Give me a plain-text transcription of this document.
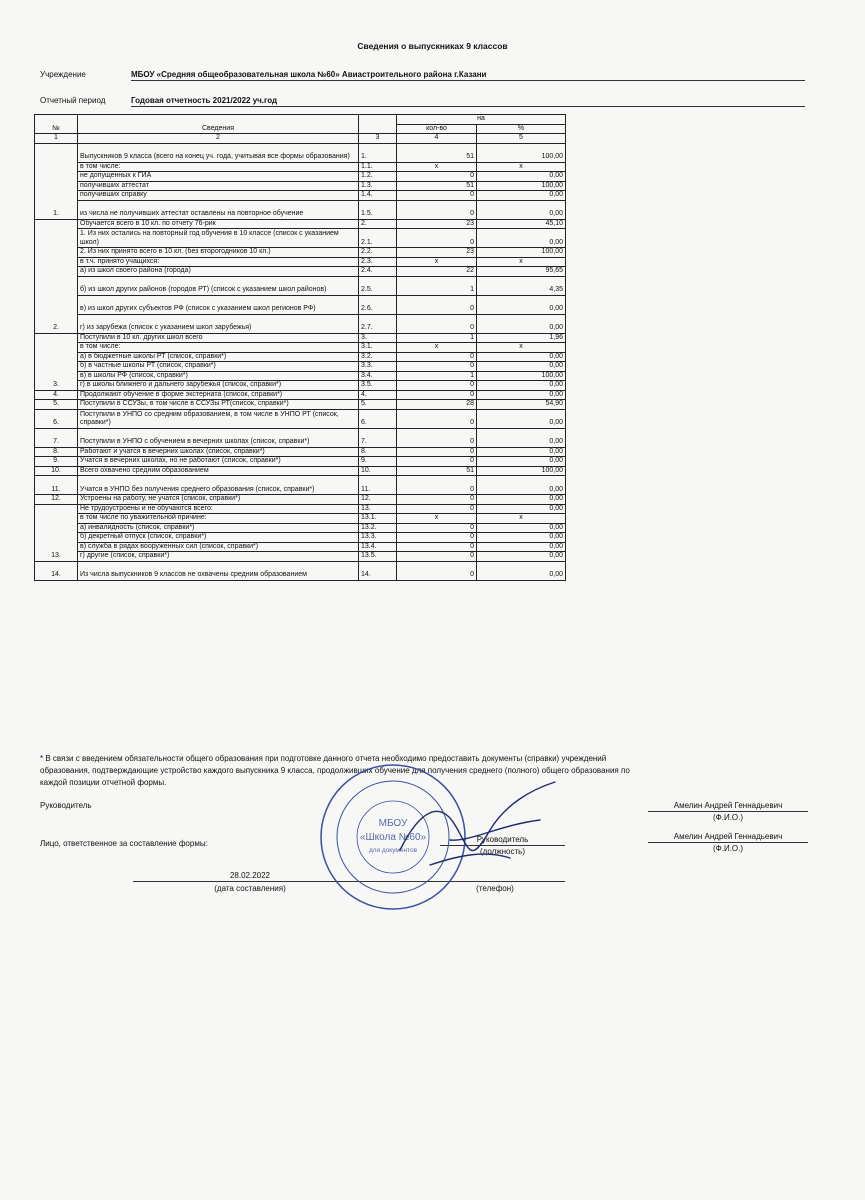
Сведения о выпускниках 9 классов
Учреждение	МБОУ «Средняя общеобразовательная школа №60» Авиастроительного района г.Казани
Отчетный период	Годовая отчетность 2021/2022 уч.год
№	Сведения		на	
			кол-во	%
1	2	3	4	5
1.	Выпускников 9 класса (всего на конец уч. года, учитывая все формы образования)	1.	51	100,00
	в том числе:	1.1.	x	x
	не допущенных к ГИА	1.2.	0	0,00
	получивших аттестат	1.3.	51	100,00
	получивших справку	1.4.	0	0,00
	из числа не получивших аттестат оставлены на повторное обучение	1.5.	0	0,00
2.	Обучается всего в 10 кл. по отчету 76-рик	2.	23	45,10
	1. Из них остались на повторный год обучения в 10 классе (список с указанием школ)	2.1.	0	0,00
	2. Из них принято всего в 10 кл. (без второгодников 10 кл.)	2.2.	23	100,00
	в т.ч. принято учащихся:	2.3.	x	x
	а) из школ своего района (города)	2.4.	22	95,65
	б) из школ других районов (городов РТ) (список с указанием школ районов)	2.5.	1	4,35
	в) из школ других субъектов РФ (список с указанием школ регионов РФ)	2.6.	0	0,00
	г) из зарубежа (список с указанием школ зарубежья)	2.7.	0	0,00
3.	Поступили в 10 кл. других школ всего	3.	1	1,96
	в том числе:	3.1.	x	x
	а) в бюджетные школы РТ (список, справки*)	3.2.	0	0,00
	б) в частные школы РТ (список, справки*)	3.3.	0	0,00
	в) в школы РФ (список, справки*)	3.4.	1	100,00
	г) в школы ближнего и дальнего зарубежья (список, справки*)	3.5.	0	0,00
4.	Продолжают обучение в форме экстерната (список, справки*)	4.	0	0,00
5.	Поступили в ССУЗы, в том числе в ССУЗы РТ(список, справки*)	5.	28	54,90
6.	Поступили в УНПО со средним образованием, в том числе в УНПО РТ (список, справки*)	6.	0	0,00
7.	Поступили в УНПО с обучением в вечерних школах (список, справки*)	7.	0	0,00
8.	Работают и учатся в вечерних школах (список, справки*)	8.	0	0,00
9.	Учатся в вечерних школах, но не работают (список, справки*)	9.	0	0,00
10.	Всего охвачено средним образованием	10.	51	100,00
11.	Учатся в УНПО без получения среднего образования (список, справки*)	11.	0	0,00
12.	Устроены на работу, не учатся (список, справки*)	12.	0	0,00
13.	Не трудоустроены и не обучаются всего:	13.	0	0,00
	в том числе по уважительной причине:	13.1.	x	x
	а) инвалидность (список, справки*)	13.2.	0	0,00
	б) декретный отпуск (список, справки*)	13.3.	0	0,00
	в) служба в рядах вооруженных сил (список, справки*)	13.4.	0	0,00
	г) другие (список, справки*)	13.5.	0	0,00
14.	Из числа выпускников 9 классов не охвачены средним образованием	14.	0	0,00
* В связи с введением обязательности общего образования при подготовке данного отчета необходимо предоставить документы (справки) учреждений образования, подтверждающие устройство каждого выпускника 9 класса, продолживших обучение для получения среднего (полного) общего образования по каждой позиции отчетной формы.
Руководитель	Амелин Андрей Геннадьевич
(Ф.И.О.)
Лицо, ответственное за составление формы:	Руководитель
(должность)
Амелин Андрей Геннадьевич
(Ф.И.О.)
28.02.2022
(дата составления)	(телефон)
МБОУ
«Школа №60»
для документов
